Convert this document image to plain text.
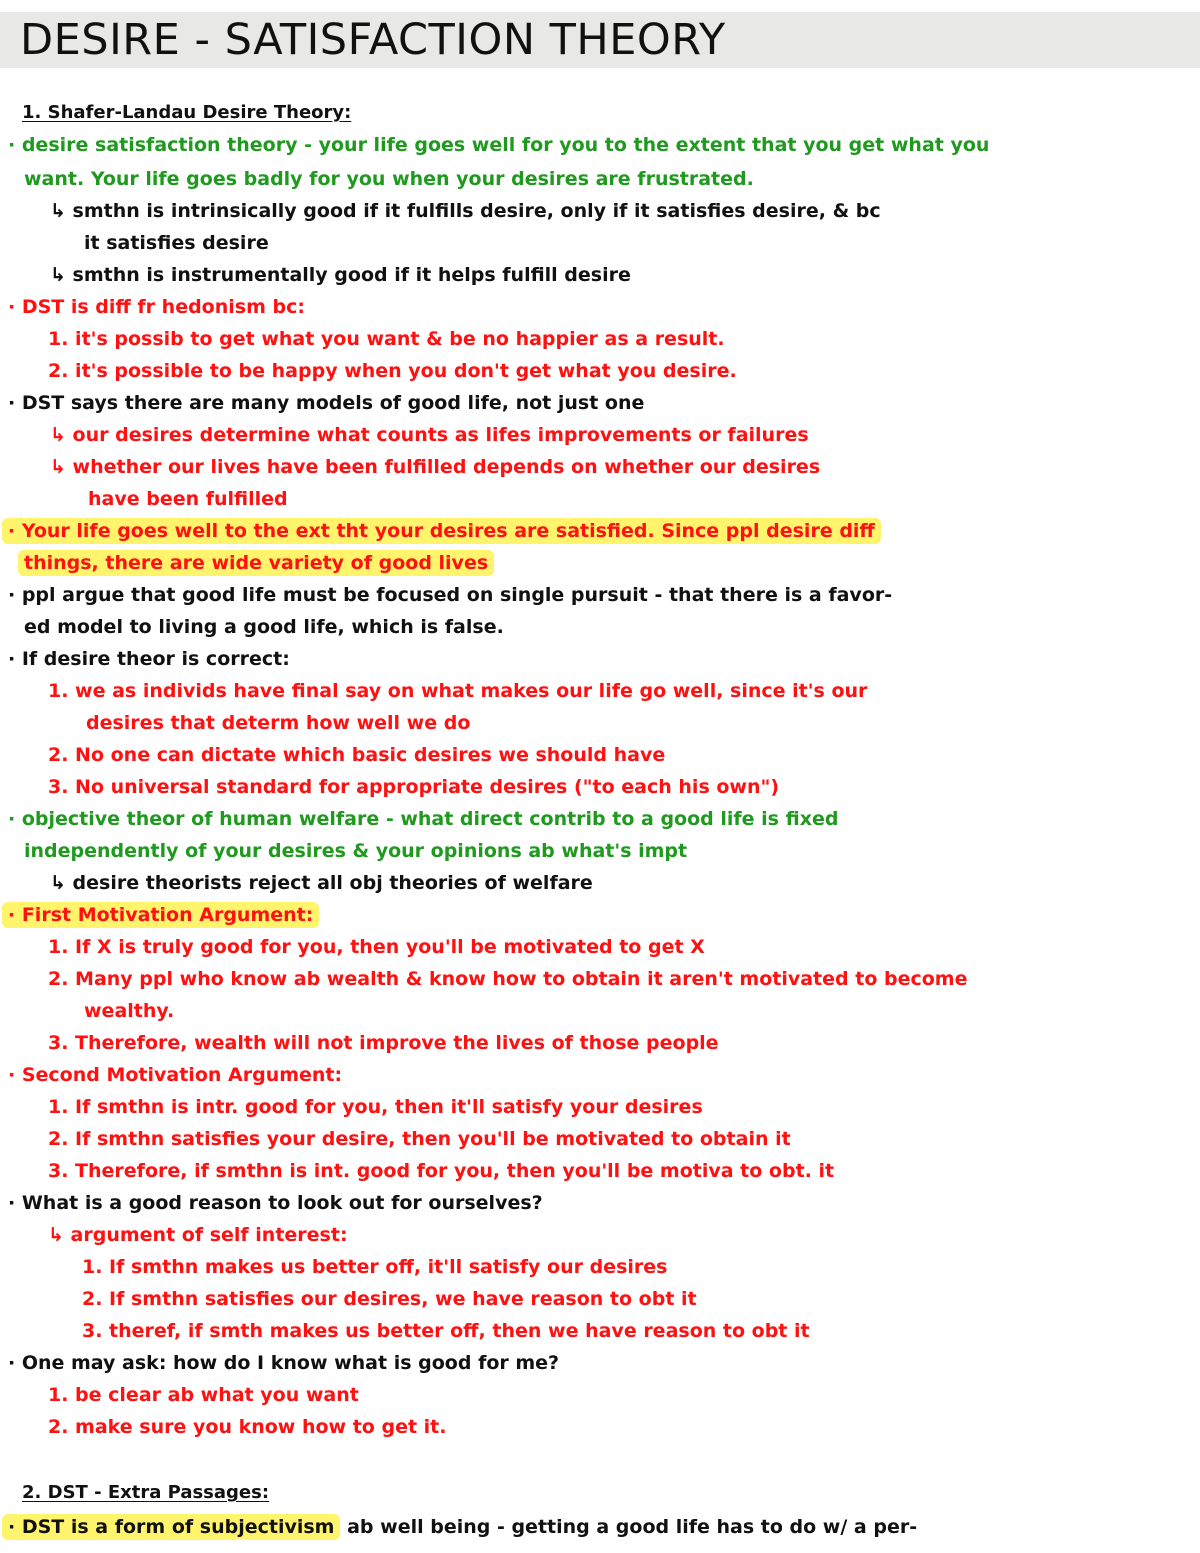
DESIRE - SATISFACTION THEORY
1. Shafer-Landau Desire Theory:
· desire satisfaction theory - your life goes well for you to the extent that you get what you
want. Your life goes badly for you when your desires are frustrated.
↳ smthn is intrinsically good if it fulfills desire, only if it satisfies desire, & bc
it satisfies desire
↳ smthn is instrumentally good if it helps fulfill desire
· DST is diff fr hedonism bc:
1. it's possib to get what you want & be no happier as a result.
2. it's possible to be happy when you don't get what you desire.
· DST says there are many models of good life, not just one
↳ our desires determine what counts as lifes improvements or failures
↳ whether our lives have been fulfilled depends on whether our desires
have been fulfilled
· Your life goes well to the ext tht your desires are satisfied. Since ppl desire diff
things, there are wide variety of good lives
· ppl argue that good life must be focused on single pursuit - that there is a favor-
ed model to living a good life, which is false.
· If desire theor is correct:
1. we as individs have final say on what makes our life go well, since it's our
desires that determ how well we do
2. No one can dictate which basic desires we should have
3. No universal standard for appropriate desires ("to each his own")
· objective theor of human welfare - what direct contrib to a good life is fixed
independently of your desires & your opinions ab what's impt
↳ desire theorists reject all obj theories of welfare
· First Motivation Argument:
1. If X is truly good for you, then you'll be motivated to get X
2. Many ppl who know ab wealth & know how to obtain it aren't motivated to become
wealthy.
3. Therefore, wealth will not improve the lives of those people
· Second Motivation Argument:
1. If smthn is intr. good for you, then it'll satisfy your desires
2. If smthn satisfies your desire, then you'll be motivated to obtain it
3. Therefore, if smthn is int. good for you, then you'll be motiva to obt. it
· What is a good reason to look out for ourselves?
↳ argument of self interest:
1. If smthn makes us better off, it'll satisfy our desires
2. If smthn satisfies our desires, we have reason to obt it
3. theref, if smth makes us better off, then we have reason to obt it
· One may ask: how do I know what is good for me?
1. be clear ab what you want
2. make sure you know how to get it.
2. DST - Extra Passages:
· DST is a form of subjectivism ab well being - getting a good life has to do w/ a per-
